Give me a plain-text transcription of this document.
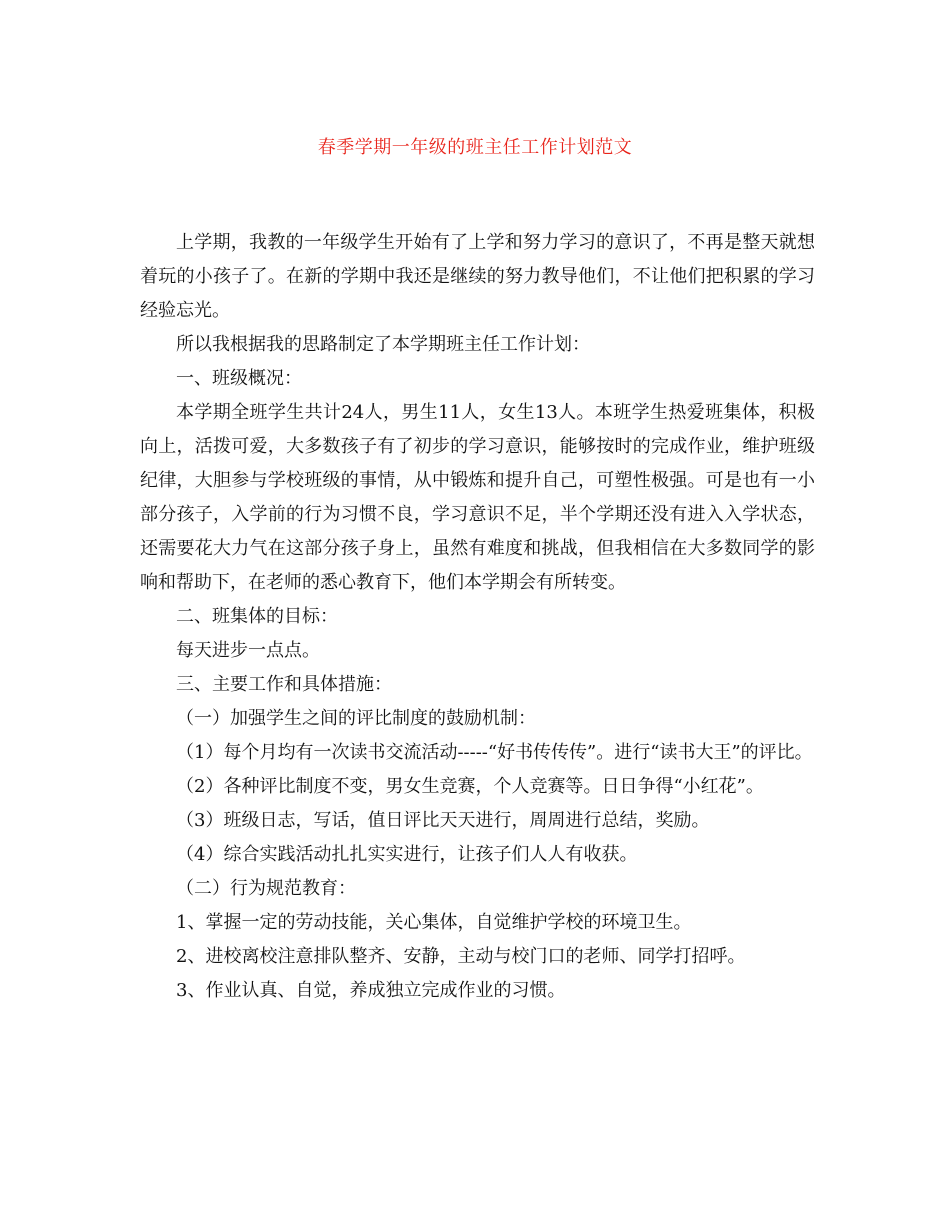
春季学期一年级的班主任工作计划范文

上学期，我教的一年级学生开始有了上学和努力学习的意识了，不再是整天就想着玩的小孩子了。在新的学期中我还是继续的努力教导他们，不让他们把积累的学习经验忘光。

所以我根据我的思路制定了本学期班主任工作计划：

一、班级概况：

本学期全班学生共计24人，男生11人，女生13人。本班学生热爱班集体，积极向上，活拨可爱，大多数孩子有了初步的学习意识，能够按时的完成作业，维护班级纪律，大胆参与学校班级的事情，从中锻炼和提升自己，可塑性极强。可是也有一小部分孩子，入学前的行为习惯不良，学习意识不足，半个学期还没有进入入学状态，还需要花大力气在这部分孩子身上，虽然有难度和挑战，但我相信在大多数同学的影响和帮助下，在老师的悉心教育下，他们本学期会有所转变。

二、班集体的目标：

每天进步一点点。

三、主要工作和具体措施：

（一）加强学生之间的评比制度的鼓励机制：

（1）每个月均有一次读书交流活动-----“好书传传传”。进行“读书大王”的评比。

（2）各种评比制度不变，男女生竞赛，个人竞赛等。日日争得“小红花”。

（3）班级日志，写话，值日评比天天进行，周周进行总结，奖励。

（4）综合实践活动扎扎实实进行，让孩子们人人有收获。

（二）行为规范教育：

1、掌握一定的劳动技能，关心集体，自觉维护学校的环境卫生。

2、进校离校注意排队整齐、安静，主动与校门口的老师、同学打招呼。

3、作业认真、自觉，养成独立完成作业的习惯。
